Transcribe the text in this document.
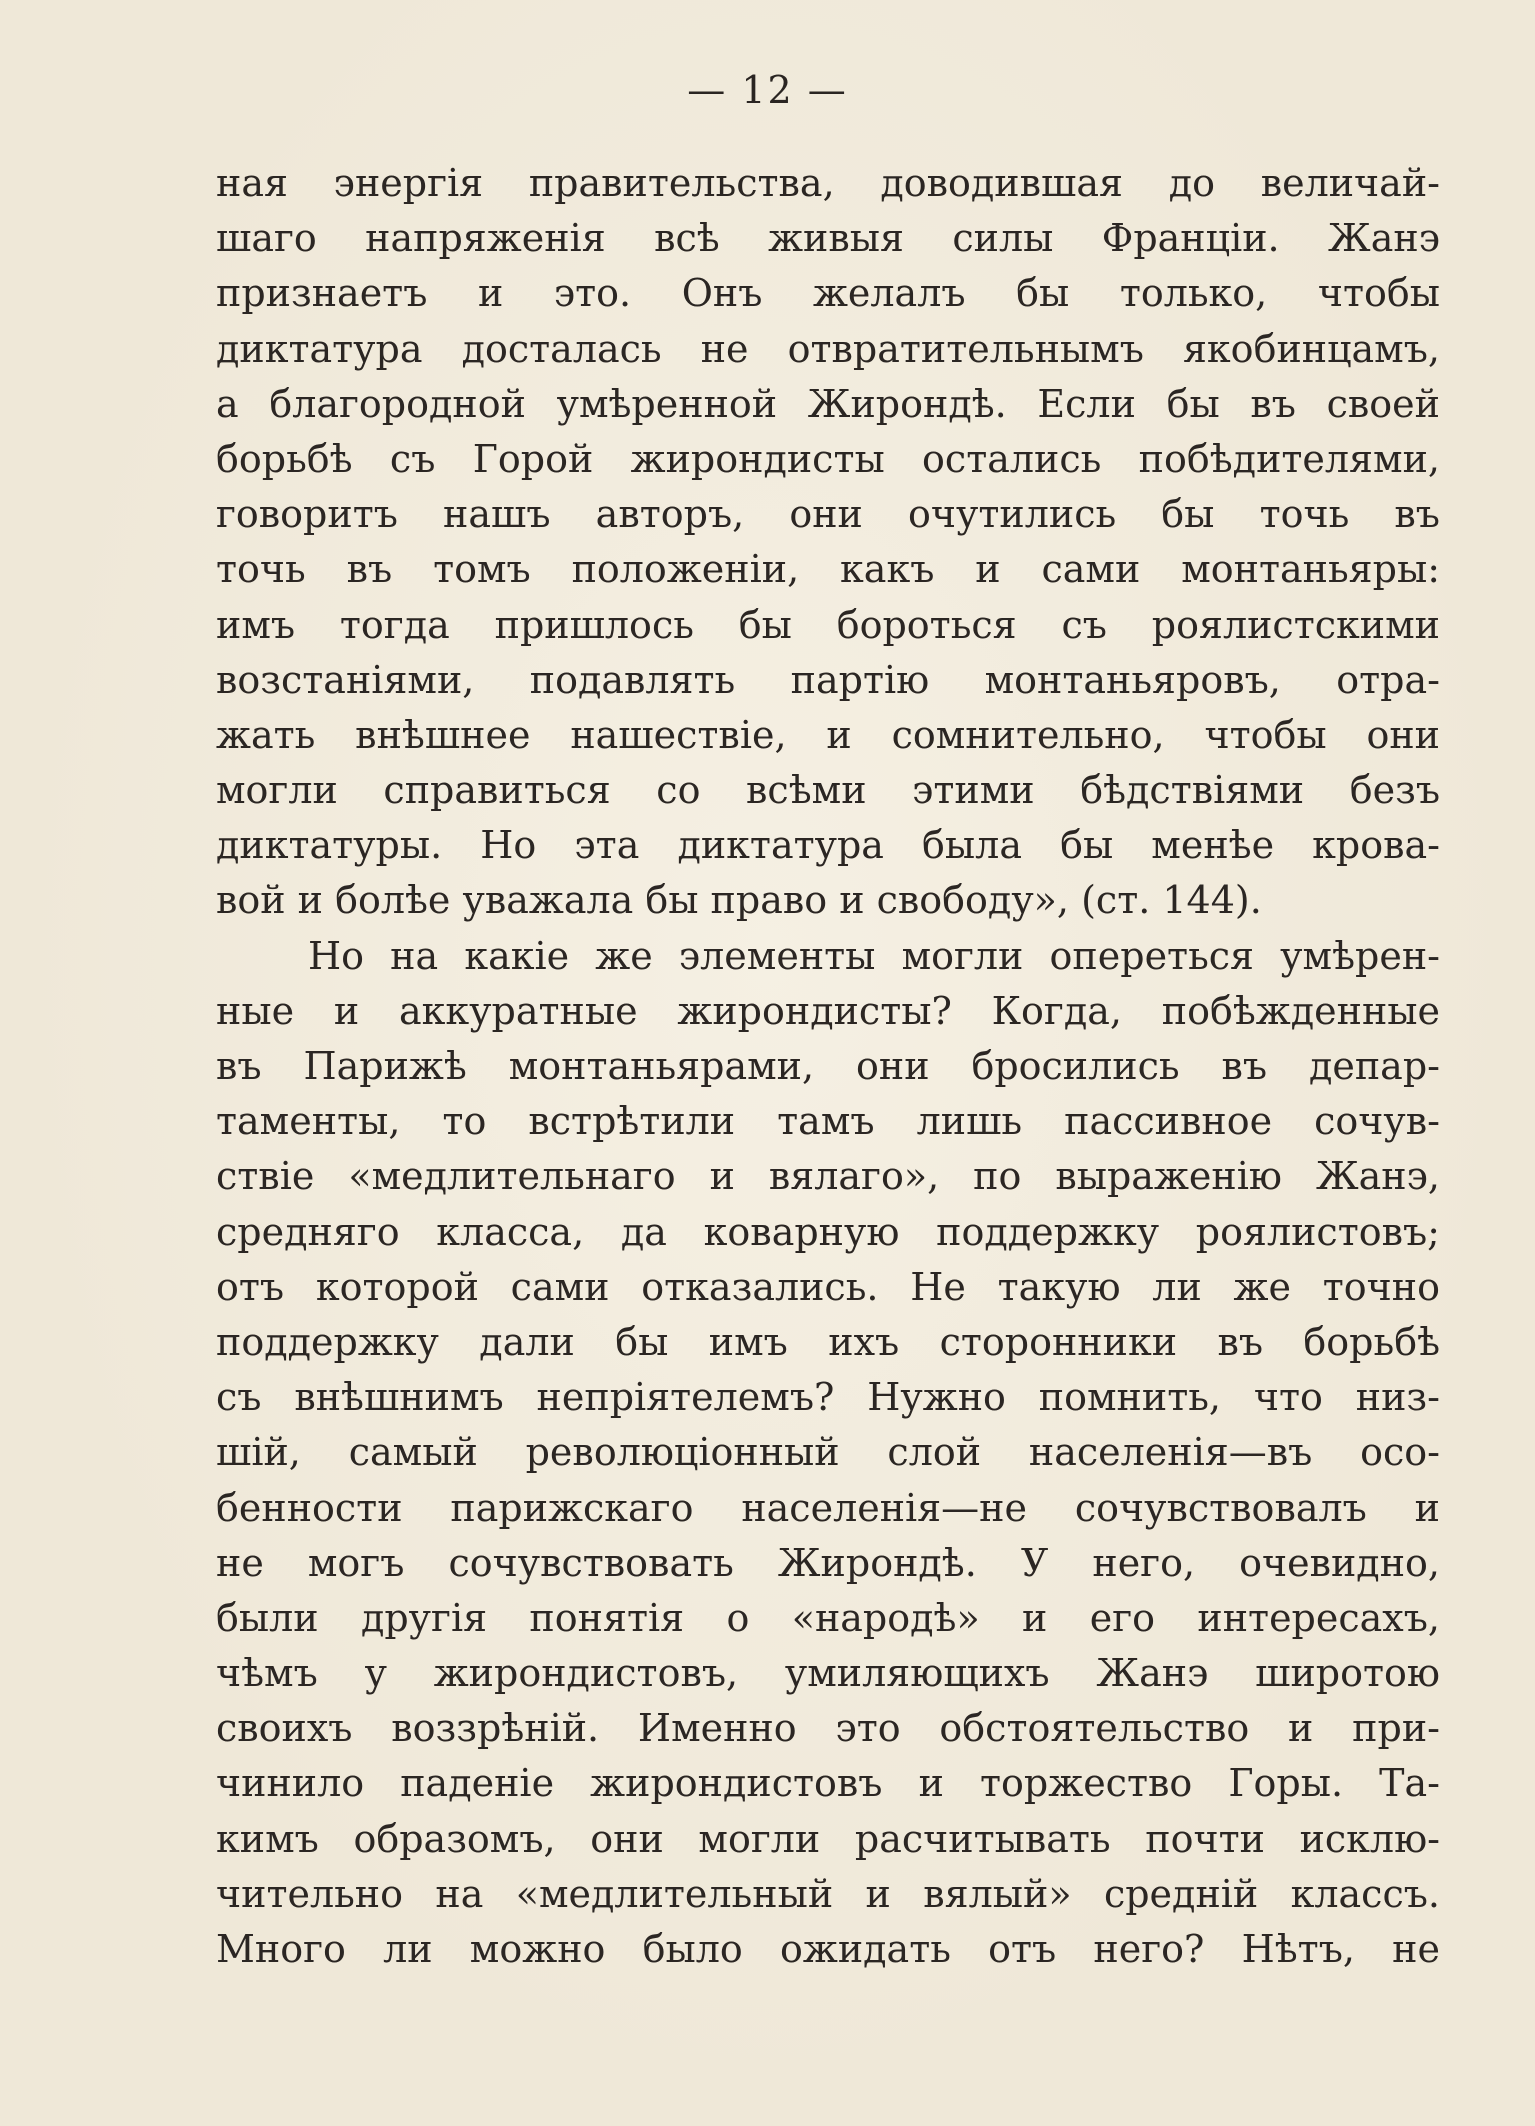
— 12 —
ная энергія правительства, доводившая до величай-
шаго напряженія всѣ живыя силы Франціи. Жанэ
признаетъ и это. Онъ желалъ бы только, чтобы
диктатура досталась не отвратительнымъ якобинцамъ,
а благородной умѣренной Жирондѣ. Если бы въ своей
борьбѣ съ Горой жирондисты остались побѣдителями,
говоритъ нашъ авторъ, они очутились бы точь въ
точь въ томъ положеніи, какъ и сами монтаньяры:
имъ тогда пришлось бы бороться съ роялистскими
возстаніями, подавлять партію монтаньяровъ, отра-
жать внѣшнее нашествіе, и сомнительно, чтобы они
могли справиться со всѣми этими бѣдствіями безъ
диктатуры. Но эта диктатура была бы менѣе крова-
вой и болѣе уважала бы право и свободу», (ст. 144).
Но на какіе же элементы могли опереться умѣрен-
ные и аккуратные жирондисты? Когда, побѣжденные
въ Парижѣ монтаньярами, они бросились въ депар-
таменты, то встрѣтили тамъ лишь пассивное сочув-
ствіе «медлительнаго и вялаго», по выраженію Жанэ,
средняго класса, да коварную поддержку роялистовъ;
отъ которой сами отказались. Не такую ли же точно
поддержку дали бы имъ ихъ сторонники въ борьбѣ
съ внѣшнимъ непріятелемъ? Нужно помнить, что низ-
шій, самый революціонный слой населенія—въ осо-
бенности парижскаго населенія—не сочувствовалъ и
не могъ сочувствовать Жирондѣ. У него, очевидно,
были другія понятія о «народѣ» и его интересахъ,
чѣмъ у жирондистовъ, умиляющихъ Жанэ широтою
своихъ воззрѣній. Именно это обстоятельство и при-
чинило паденіе жирондистовъ и торжество Горы. Та-
кимъ образомъ, они могли расчитывать почти исклю-
чительно на «медлительный и вялый» средній классъ.
Много ли можно было ожидать отъ него? Нѣтъ, не
